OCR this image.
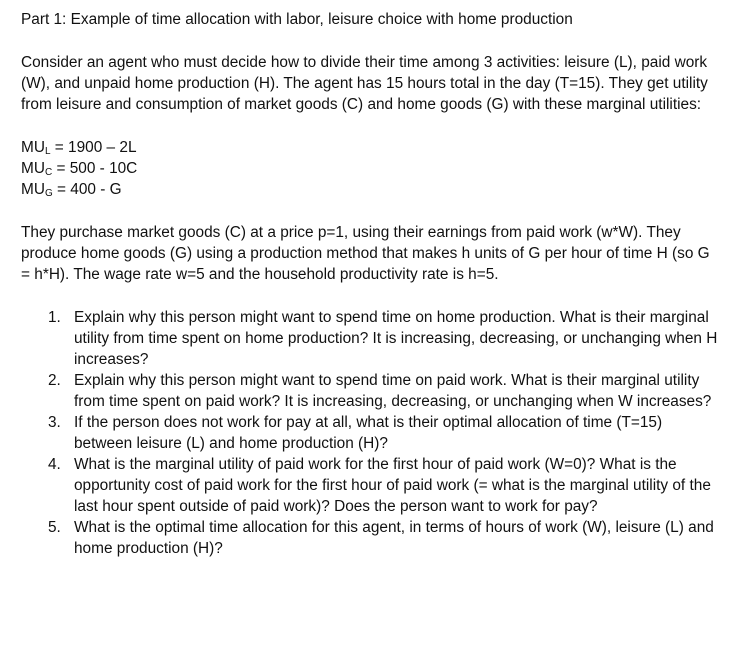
Part 1: Example of time allocation with labor, leisure choice with home production
Consider an agent who must decide how to divide their time among 3 activities: leisure (L), paid work (W), and unpaid home production (H). The agent has 15 hours total in the day (T=15). They get utility from leisure and consumption of market goods (C) and home goods (G) with these marginal utilities:
$MU_L = 1900 - 2L$
$MU_C = 500 - 10C$
$MU_G = 400 - G$
They purchase market goods (C) at a price p=1, using their earnings from paid work (w*W). They produce home goods (G) using a production method that makes h units of G per hour of time H (so G = h*H). The wage rate w=5 and the household productivity rate is h=5.
1. Explain why this person might want to spend time on home production. What is their marginal utility from time spent on home production? It is increasing, decreasing, or unchanging when H increases?
2. Explain why this person might want to spend time on paid work. What is their marginal utility from time spent on paid work? It is increasing, decreasing, or unchanging when W increases?
3. If the person does not work for pay at all, what is their optimal allocation of time (T=15) between leisure (L) and home production (H)?
4. What is the marginal utility of paid work for the first hour of paid work (W=0)? What is the opportunity cost of paid work for the first hour of paid work (= what is the marginal utility of the last hour spent outside of paid work)? Does the person want to work for pay?
5. What is the optimal time allocation for this agent, in terms of hours of work (W), leisure (L) and home production (H)?
